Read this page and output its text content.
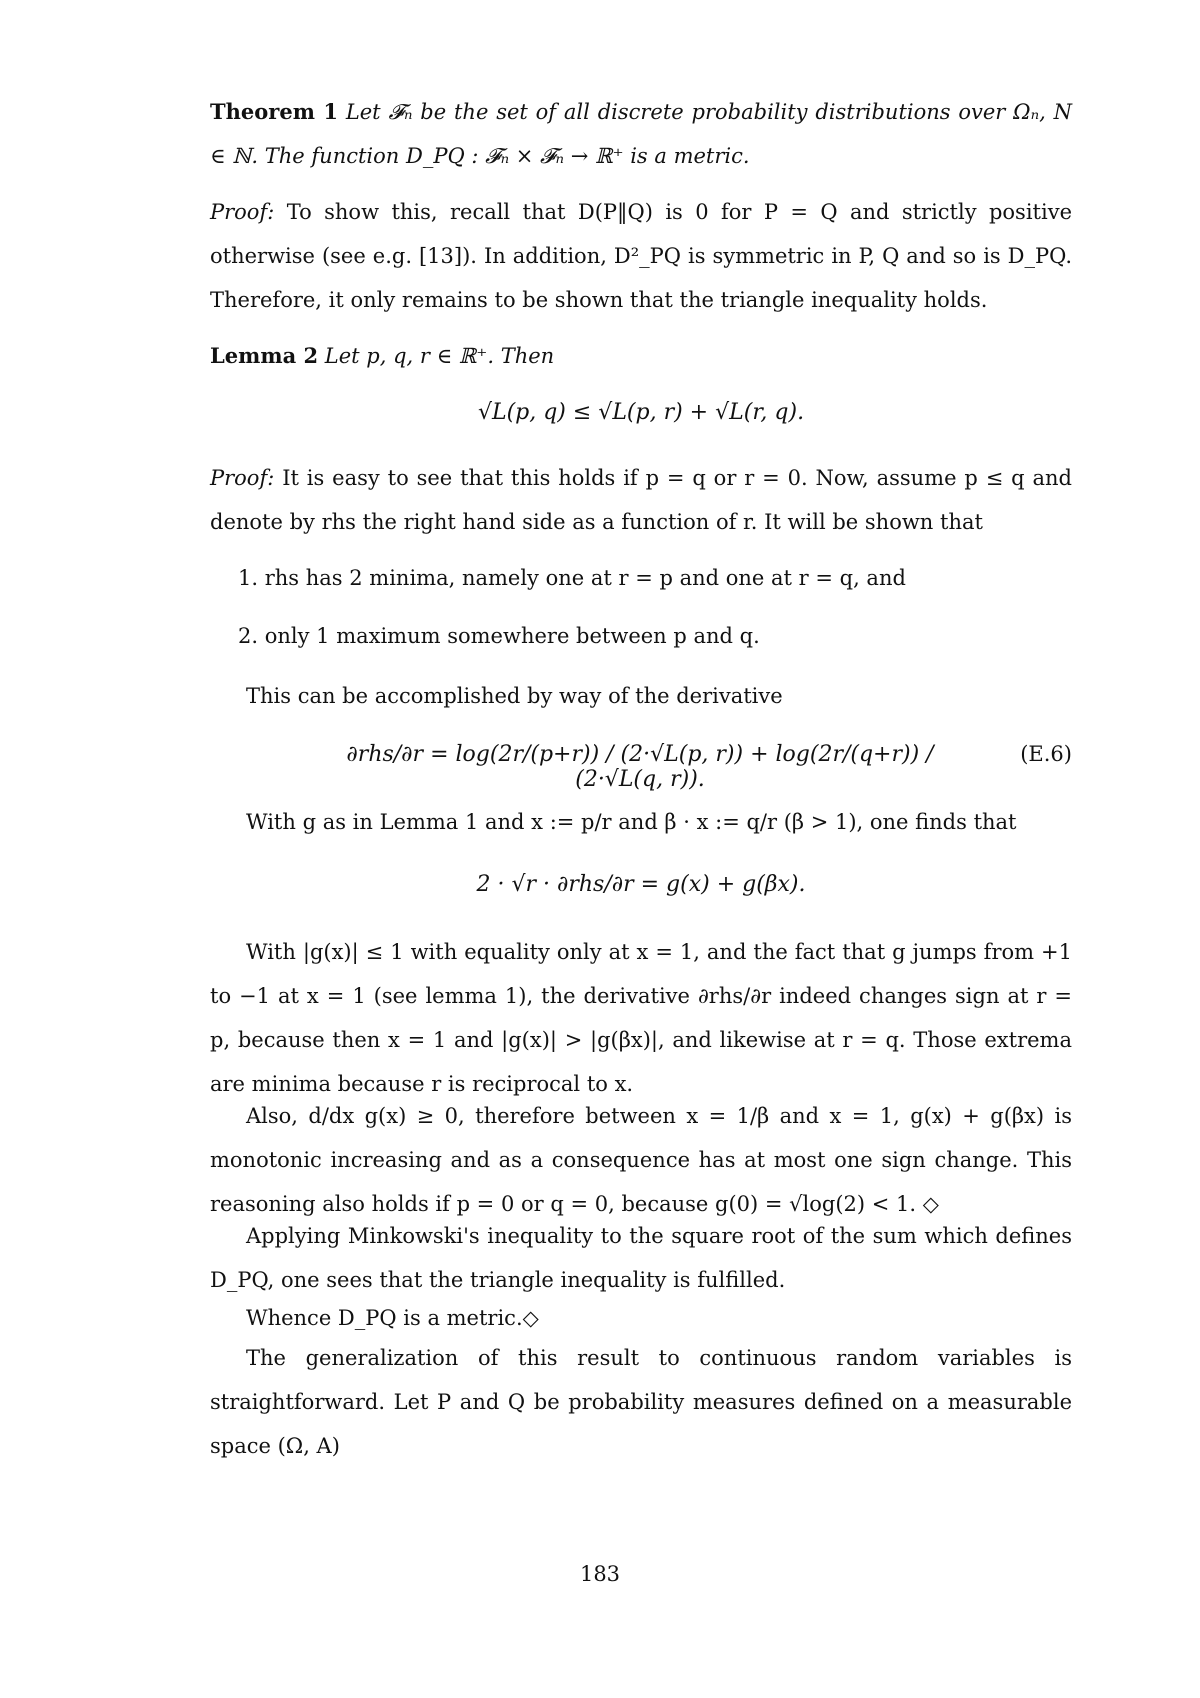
Theorem 1 Let 𝓕ₙ be the set of all discrete probability distributions over Ωₙ, N ∈ ℕ. The function D_PQ : 𝓕ₙ × 𝓕ₙ → ℝ⁺ is a metric.
Proof: To show this, recall that D(P‖Q) is 0 for P = Q and strictly positive otherwise (see e.g. [13]). In addition, D²_PQ is symmetric in P, Q and so is D_PQ. Therefore, it only remains to be shown that the triangle inequality holds.
Lemma 2 Let p, q, r ∈ ℝ⁺. Then
√L(p, q) ≤ √L(p, r) + √L(r, q).
Proof: It is easy to see that this holds if p = q or r = 0. Now, assume p ≤ q and denote by rhs the right hand side as a function of r. It will be shown that
1. rhs has 2 minima, namely one at r = p and one at r = q, and
2. only 1 maximum somewhere between p and q.
This can be accomplished by way of the derivative
∂rhs/∂r = log(2r/(p+r)) / (2·√L(p, r)) + log(2r/(q+r)) / (2·√L(q, r)).
(E.6)
With g as in Lemma 1 and x := p/r and β · x := q/r (β > 1), one finds that
2 · √r · ∂rhs/∂r = g(x) + g(βx).
With |g(x)| ≤ 1 with equality only at x = 1, and the fact that g jumps from +1 to −1 at x = 1 (see lemma 1), the derivative ∂rhs/∂r indeed changes sign at r = p, because then x = 1 and |g(x)| > |g(βx)|, and likewise at r = q. Those extrema are minima because r is reciprocal to x.
Also, d/dx g(x) ≥ 0, therefore between x = 1/β and x = 1, g(x) + g(βx) is monotonic increasing and as a consequence has at most one sign change. This reasoning also holds if p = 0 or q = 0, because g(0) = √log(2) < 1. ◇
Applying Minkowski's inequality to the square root of the sum which defines D_PQ, one sees that the triangle inequality is fulfilled.
Whence D_PQ is a metric.◇
The generalization of this result to continuous random variables is straightforward. Let P and Q be probability measures defined on a measurable space (Ω, A)
183
